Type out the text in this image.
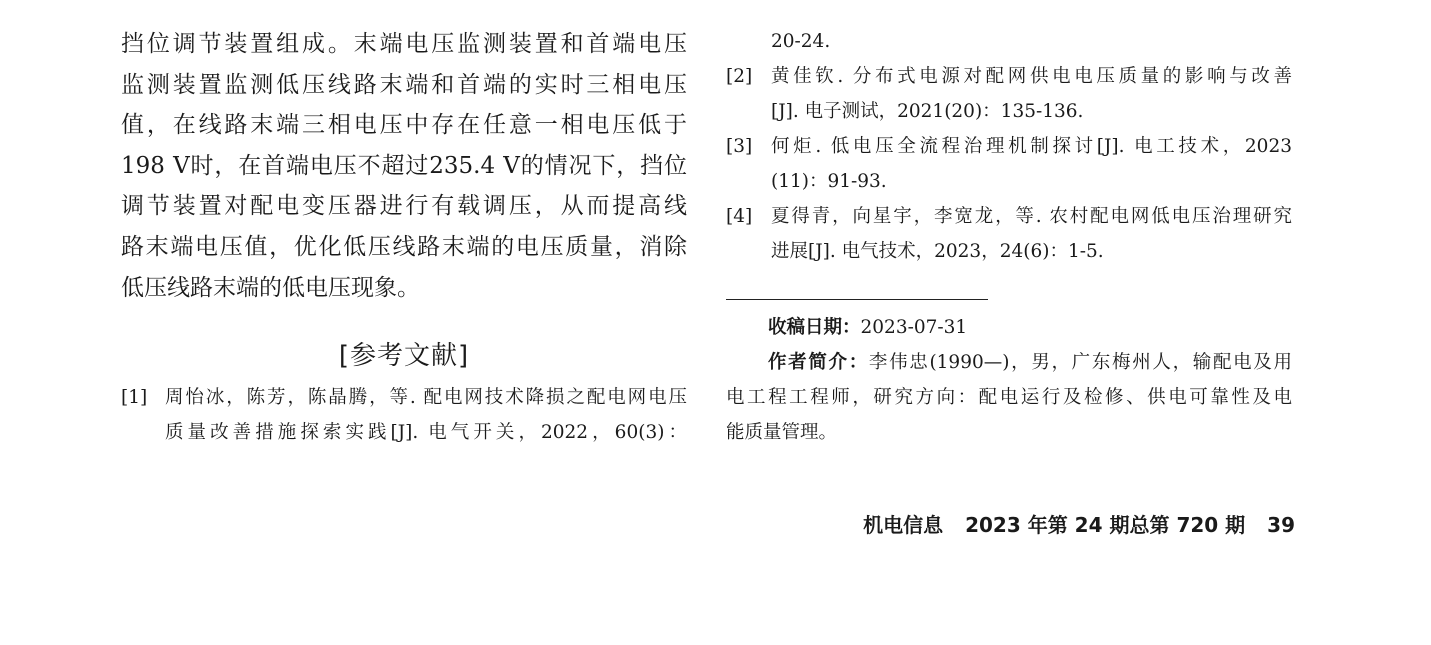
挡位调节装置组成。末端电压监测装置和首端电压
监测装置监测低压线路末端和首端的实时三相电压
值，在线路末端三相电压中存在任意一相电压低于
198 V时，在首端电压不超过235.4 V的情况下，挡位
调节装置对配电变压器进行有载调压，从而提高线
路末端电压值，优化低压线路末端的电压质量，消除
低压线路末端的低电压现象。
[参考文献]
[1] 周怡冰，陈芳，陈晶腾，等. 配电网技术降损之配电网电压
质量改善措施探索实践[J]. 电气开关，2022，60(3)：
20-24.
[2] 黄佳钦. 分布式电源对配网供电电压质量的影响与改善
[J]. 电子测试，2021(20)：135-136.
[3] 何炬. 低电压全流程治理机制探讨[J]. 电工技术，2023
(11)：91-93.
[4] 夏得青，向星宇，李宽龙，等. 农村配电网低电压治理研究
进展[J]. 电气技术，2023，24(6)：1-5.
收稿日期：2023-07-31
作者简介：李伟忠(1990—)，男，广东梅州人，输配电及用
电工程工程师，研究方向：配电运行及检修、供电可靠性及电
能质量管理。
机电信息 2023 年第 24 期总第 720 期 39
